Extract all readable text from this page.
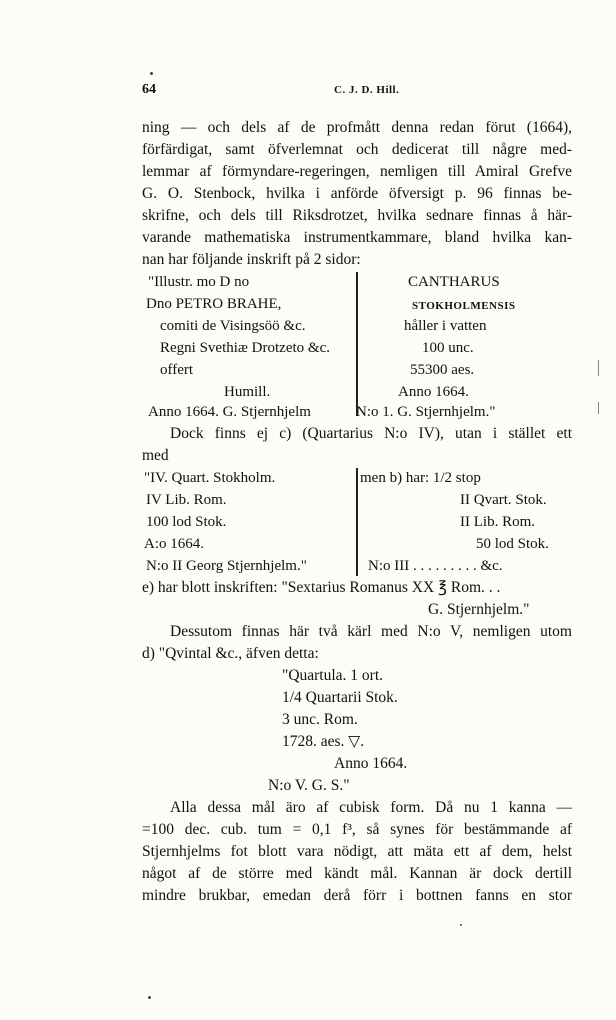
64	C. J. D. Hill.
ning — och dels af de profmått denna redan förut (1664),
förfärdigat, samt öfverlemnat och dedicerat till någre med-
lemmar af förmyndare-regeringen, nemligen till Amiral Grefve
G. O. Stenbock, hvilka i anförde öfversigt p. 96 finnas be-
skrifne, och dels till Riksdrotzet, hvilka sednare finnas å här-
varande mathematiska instrumentkammare, bland hvilka kan-
nan har följande inskrift på 2 sidor:
"Illustr. mo D no
Dno PETRO BRAHE,
comiti de Visingsöö &c.
Regni Svethiæ Drotzeto &c.
offert
Humill.
Anno 1664. G. Stjernhjelm
CANTHARUS
STOKHOLMENSIS
håller i vatten
100 unc.
55300 aes.
Anno 1664.
N:o 1. G. Stjernhjelm."
Dock finns ej c) (Quartarius N:o IV), utan i stället ett
med
"IV. Quart. Stokholm.
IV Lib. Rom.
100 lod Stok.
A:o 1664.
N:o II Georg Stjernhjelm."
men b) har: 1/2 stop
II Qvart. Stok.
II Lib. Rom.
50 lod Stok.
N:o III . . . . . . . . . &c.
e) har blott inskriften: "Sextarius Romanus XX ℥ Rom. . .
G. Stjernhjelm."
Dessutom finnas här två kärl med N:o V, nemligen utom
d) "Qvintal &c., äfven detta:
"Quartula. 1 ort.
1/4 Quartarii Stok.
3 unc. Rom.
1728. aes. ▽.
Anno 1664.
N:o V. G. S."
Alla dessa mål äro af cubisk form. Då nu 1 kanna —
=100 dec. cub. tum = 0,1 f³, så synes för bestämmande af
Stjernhjelms fot blott vara nödigt, att mäta ett af dem, helst
något af de större med kändt mål. Kannan är dock dertill
mindre brukbar, emedan derå förr i bottnen fanns en stor
